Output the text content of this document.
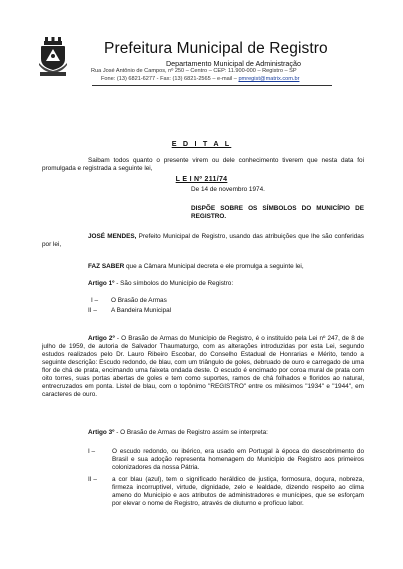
Prefeitura Municipal de Registro
Departamento Municipal de Administração
Rua José Antônio de Campos, nº 250 – Centro – CEP: 11.900-000 – Registro – SP
Fone: (13) 6821-6277 - Fax: (13) 6821-2565 – e-mail – pmregist@matrix.com.br
E D I T A L
Saibam todos quanto o presente virem ou dele conhecimento tiverem que nesta data foi promulgada e registrada a seguinte lei,
L E I Nº 211/74
De 14 de novembro 1974.
DISPÕE SOBRE OS SÍMBOLOS DO MUNICÍPIO DE REGISTRO.
JOSÉ MENDES, Prefeito Municipal de Registro, usando das atribuições que lhe são conferidas por lei,
FAZ SABER que a Câmara Municipal decreta e ele promulga a seguinte lei,
Artigo 1º - São símbolos do Município de Registro:
I – O Brasão de Armas
II – A Bandeira Municipal
Artigo 2º - O Brasão de Armas do Município de Registro, é o instituído pela Lei nº 247, de 8 de julho de 1959, de autoria de Salvador Thaumaturgo, com as alterações introduzidas por esta Lei, segundo estudos realizados pelo Dr. Lauro Ribeiro Escobar, do Conselho Estadual de Honrarias e Mérito, tendo a seguinte descrição: Escudo redondo, de blau, com um triângulo de goles, debruado de ouro e carregado de uma flor de chá de prata, encimando uma faixeta ondada deste. O escudo é encimado por coroa mural de prata com oito torres, suas portas abertas de goles e tem como suportes, ramos de chá folhados e floridos ao natural, entrecruzados em ponta. Listel de blau, com o topônimo "REGISTRO" entre os milésimos "1934" e "1944", em caracteres de ouro.
Artigo 3º - O Brasão de Armas de Registro assim se interpreta:
I –	O escudo redondo, ou ibérico, era usado em Portugal à época do descobrimento do Brasil e sua adoção representa homenagem do Município de Registro aos primeiros colonizadores da nossa Pátria.
II – a cor blau (azul), tem o significado heráldico de justiça, formosura, doçura, nobreza, firmeza incorruptível, virtude, dignidade, zelo e lealdade, dizendo respeito ao clima ameno do Município e aos atributos de administradores e munícipes, que se esforçam por elevar o nome de Registro, através de diuturno e profícuo labor.
